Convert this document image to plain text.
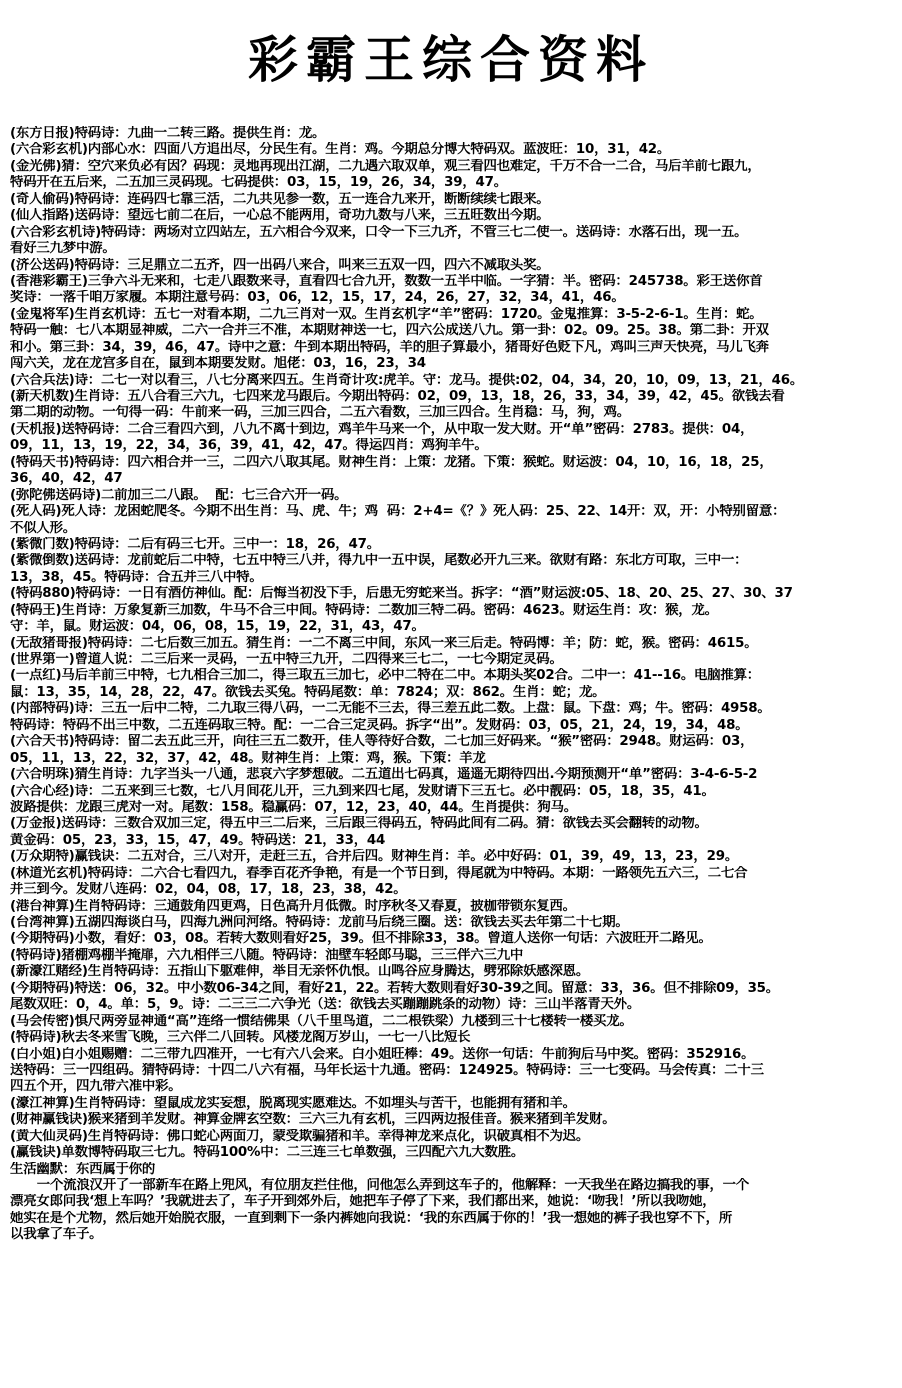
彩霸王综合资料
(东方日报)特码诗：九曲一二转三路。提供生肖：龙。
(六合彩玄机)内部心水：四面八方追出尽，分民生有。生肖：鸡。今期总分博大特码双。蓝波旺：10，31，42。
(金光佛)猜：空穴来负必有因？码现：灵地再现出江湖，二九遇六取双单，观三看四也难定，千万不合一二合，马后羊前七跟九，
特码开在五后来，二五加三灵码现。七码提供：03，15，19，26，34，39，47。
(奇人偷码)特码诗：连码四七靠三活，二九共见参一数，五一连合九来开，断断续续七跟来。
(仙人指路)送码诗：望远七前二在后，一心总不能两用，奇功九数与八来，三五旺数出今期。
(六合彩玄机诗)特码诗：两场对立四站左，五六相合今双来，口令一下三九齐，不管三七二使一。送码诗：水落石出，现一五。
看好三九梦中游。
(济公送码)特码诗：三足鼎立二五齐，四一出码八来合，叫来三五双一四，四六不减取头奖。
(香港彩霸王)三争六斗无来和，七走八跟数来寻，直看四七合九开，数数一五半中临。一字猜：半。密码：245738。彩王送你首
奖诗：一落千咱万家履。本期注意号码：03，06，12，15，17，24，26，27，32，34，41，46。
(金鬼将军)生肖玄机诗：五七一对看本期，二九三肖对一双。生肖玄机字“羊”密码：1720。金鬼推算：3-5-2-6-1。生肖：蛇。
特码一触：七八本期显神威，二六一合并三不准，本期财神送一七，四六公成送八九。第一卦：02。09。25。38。第二卦：开双
和小。第三卦：34，39，46，47。诗中之意：牛到本期出特码，羊的胆子算最小，猪哥好色贬下凡，鸡叫三声天快亮，马儿飞奔
闯六关，龙在龙宫多自在，鼠到本期要发财。旭佬：03，16，23，34
(六合兵法)诗：二七一对以看三，八七分离来四五。生肖奇计攻:虎羊。守：龙马。提供:02，04，34，20，10，09，13，21，46。
(新天机数)生肖诗：五八合看三六九，七四来龙马跟后。今期出特码：02，09，13，18，26，33，34，39，42，45。欲钱去看
第二期的动物。一句得一码：牛前来一码，三加三四合，二五六看数，三加三四合。生肖稳：马，狗，鸡。
(天机报)送特码诗：二合三看四六到，八九不离十到边，鸡羊牛马来一个，从中取一发大财。开“单”密码：2783。提供：04，
09，11，13，19，22，34，36，39，41，42，47。得运四肖：鸡狗羊牛。
(特码天书)特码诗：四六相合并一三，二四六八取其尾。财神生肖：上策：龙猪。下策：猴蛇。财运波：04，10，16，18，25，
36，40，42，47
(弥陀佛送码诗)二前加三二八跟。  配：七三合六开一码。
(死人码)死人诗：龙困蛇爬冬。今期不出生肖：马、虎、牛；鸡  码：2+4=《？》死人码：25、22、14开：双，开：小特别留意：
不似人形。
(紫微门数)特码诗：二后有码三七开。三中一：18，26，47。
(紫微倒数)送码诗：龙前蛇后二中特，七五中特三八并，得九中一五中误，尾数必开九三来。欲财有路：东北方可取，三中一：
13，38，45。特码诗：合五并三八中特。
(特码880)特码诗：一日有酒仿神仙。配：后悔当初没下手，后患无穷蛇来当。拆字：“酒”财运波:05、18、20、25、27、30、37
(特码王)生肖诗：万象复新三加数，牛马不合三中间。特码诗：二数加三特二码。密码：4623。财运生肖：攻：猴，龙。
守：羊，鼠。财运波：04，06，08，15，19，22，31，43，47。
(无敌猪哥报)特码诗：二七后数三加五。猜生肖：一二不离三中间，东风一来三后走。特码博：羊；防：蛇，猴。密码：4615。
(世界第一)曾道人说：二三后来一灵码，一五中特三九开，二四得来三七二，一七今期定灵码。
(一点红)马后羊前三中特，七九相合三加二，得三取五三加七，必中二特在二中。本期头奖02合。二中一：41--16。电脑推算：
鼠：13，35，14，28，22，47。欲钱去买兔。特码尾数：单：7824；双：862。生肖：蛇；龙。
(内部特码)诗：三五一后中二特，二九取三得八码，一二无能不三去，得三差五此二数。上盘：鼠。下盘：鸡；牛。密码：4958。
特码诗：特码不出三中数，二五连码取三特。配：一二合三定灵码。拆字“出”。发财码：03，05，21，24，19，34，48。
(六合天书)特码诗：留二去五此三开，向往三五二数开，佳人等待好合数，二七加三好码来。“猴”密码：2948。财运码：03，
05，11，13，22，32，37，42，48。财神生肖：上策：鸡，猴。下策：羊龙
(六合明珠)猜生肖诗：九字当头一八通，悲哀六字梦想破。二五道出七码真，遥遥无期待四出.今期预测开“单”密码：3-4-6-5-2
(六合心经)诗：二五来到三七数，七八月间花儿开，三九到来四七尾，发财请下三五七。必中靓码：05，18，35，41。
波路提供：龙跟三虎对一对。尾数：158。稳赢码：07，12，23，40，44。生肖提供：狗马。
(万金报)送码诗：三数合双加三定，得五中三二后来，三后跟三得码五，特码此间有二码。猜：欲钱去买会翻转的动物。
黄金码：05，23，33，15，47，49。特码送：21，33，44
(万众期特)赢钱诀：二五对合，三八对开，走赶三五，合并后四。财神生肖：羊。必中好码：01，39，49，13，23，29。
(林道光玄机)特码诗：二六合七看四九，春季百花齐争艳，有是一个节日到，得尾就为中特码。本期：一路领先五六三，二七合
并三到今。发财八连码：02，04，08，17，18，23，38，42。
(港台神算)生肖特码诗：三通鼓角四更鸡，日色高升月低微。时序秋冬又春夏，披枷带锁东复西。
(台湾神算)五湖四海谈白马，四海九洲问河络。特码诗：龙前马后绕三圈。送：欲钱去买去年第二十七期。
(今期特码)小数，看好：03，08。若转大数则看好25，39。但不排除33，38。曾道人送你一句话：六波旺开二路见。
(特码诗)猪棚鸡棚半掩扉，六九相伴三八随。特码诗：油壁车轻郎马聪，三三伴六三九中
(新濠江赌经)生肖特码诗：五指山下躯难伸，举目无亲怀仇恨。山鸣谷应身腾达，劈邪除妖感深恩。
(今期特码)特送：06，32。中小数06-34之间，看好21，22。若转大数则看好30-39之间。留意：33，36。但不排除09，35。
尾数双旺：0，4。单：5，9。诗：二三三二六争光（送：欲钱去买蹦蹦跳条的动物）诗：三山半落青天外。
(马会传密)惧尺两旁显神通“高”连络一惯结佛果（八千里鸟道，二二根铁梁）九楼到三十七楼转一楼买龙。
(特码诗)秋去冬来雪飞晚，三六伴二八回转。风楼龙阁万岁山，一七一八比短长
(白小姐)白小姐赐赠：二三带九四准开，一七有六八会来。白小姐旺棒：49。送你一句话：牛前狗后马中奖。密码：352916。
送特码：三一四组码。猜特码诗：十四二八六有福，马年长运十九通。密码：124925。特码诗：三一七变码。马会传真：二十三
四五个开，四九带六准中彩。
(濠江神算)生肖特码诗：望鼠成龙实妄想，脱离现实愿难达。不如埋头与苦干，也能拥有猪和羊。
(财神赢钱诀)猴来猪到羊发财。神算金牌玄空数：三六三九有玄机，三四两边报佳音。猴来猪到羊发财。
(黄大仙灵码)生肖特码诗：佛口蛇心两面刀，蒙受欺骗猪和羊。幸得神龙来点化，识破真相不为迟。
(赢钱诀)单数博特码取三七九。特码100%中：二三连三七单数强，三四配六九大数胜。
生活幽默：东西属于你的
一个流浪汉开了一部新车在路上兜风，有位朋友拦住他，问他怎么弄到这车子的，他解释：一天我坐在路边搞我的事，一个
漂亮女郎问我‘想上车吗？’我就进去了，车子开到郊外后，她把车子停了下来，我们都出来，她说：‘吻我！’所以我吻她，
她实在是个尤物，然后她开始脱衣服，一直到剩下一条内裤她向我说：‘我的东西属于你的！’我一想她的裤子我也穿不下，所
以我拿了车子。
